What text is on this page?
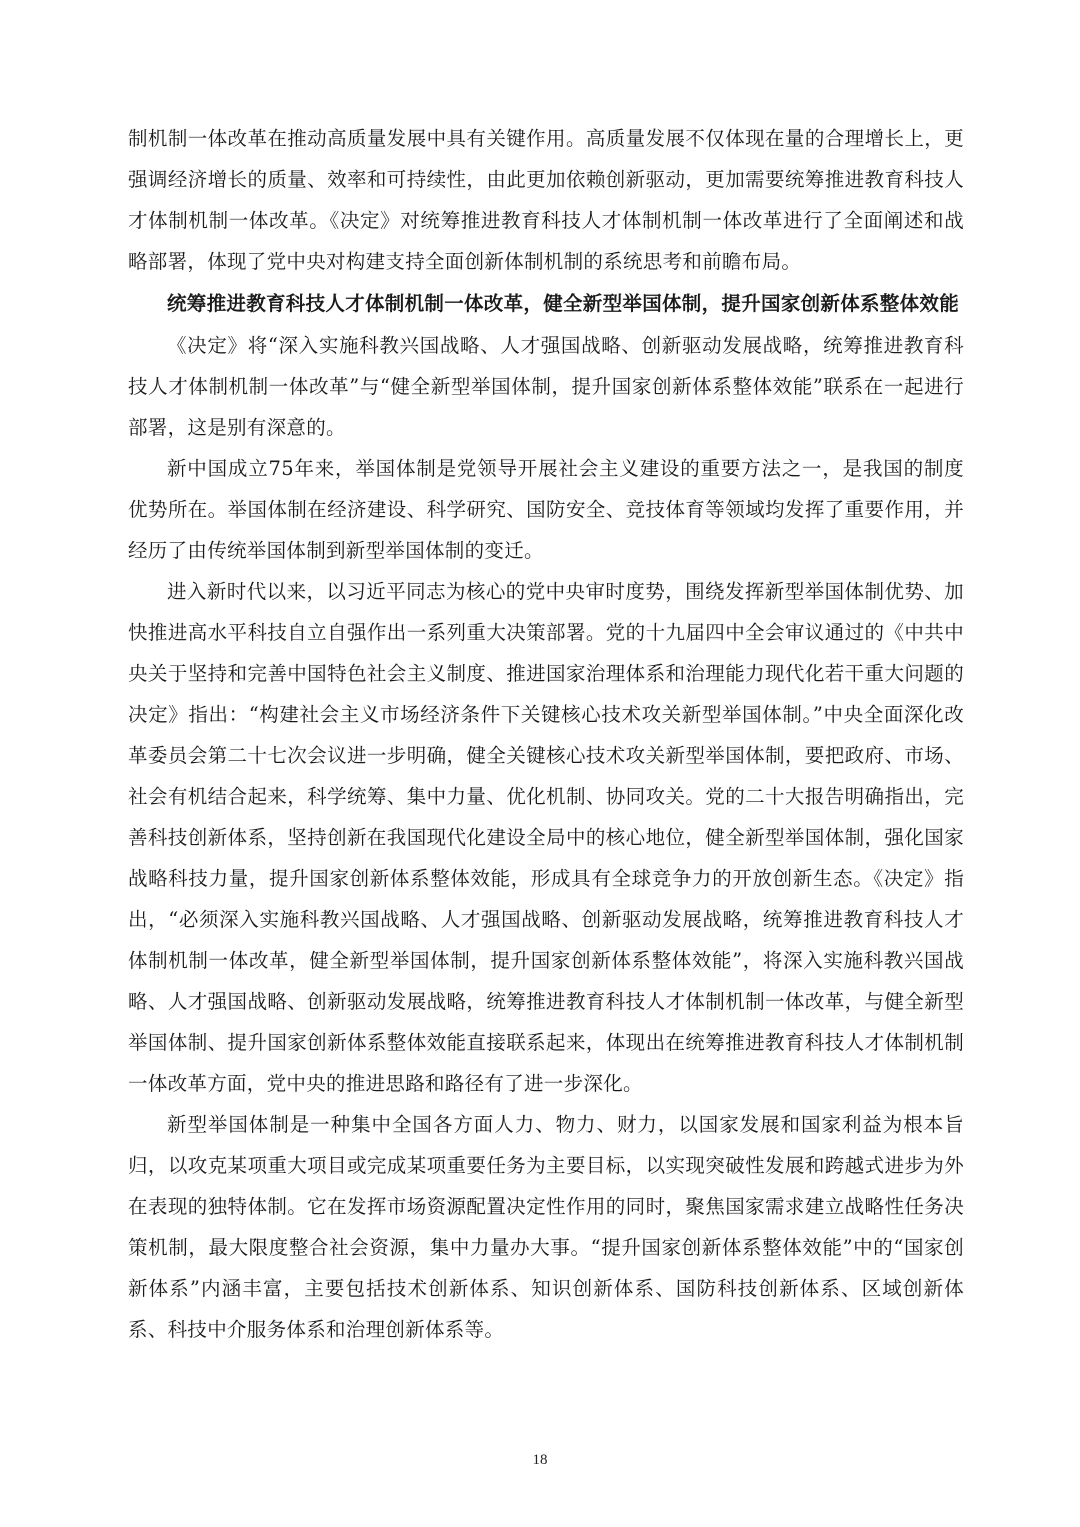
制机制一体改革在推动高质量发展中具有关键作用。高质量发展不仅体现在量的合理增长上，更强调经济增长的质量、效率和可持续性，由此更加依赖创新驱动，更加需要统筹推进教育科技人才体制机制一体改革。《决定》对统筹推进教育科技人才体制机制一体改革进行了全面阐述和战略部署，体现了党中央对构建支持全面创新体制机制的系统思考和前瞻布局。

统筹推进教育科技人才体制机制一体改革，健全新型举国体制，提升国家创新体系整体效能

《决定》将“深入实施科教兴国战略、人才强国战略、创新驱动发展战略，统筹推进教育科技人才体制机制一体改革”与“健全新型举国体制，提升国家创新体系整体效能”联系在一起进行部署，这是别有深意的。

新中国成立75年来，举国体制是党领导开展社会主义建设的重要方法之一，是我国的制度优势所在。举国体制在经济建设、科学研究、国防安全、竞技体育等领域均发挥了重要作用，并经历了由传统举国体制到新型举国体制的变迁。

进入新时代以来，以习近平同志为核心的党中央审时度势，围绕发挥新型举国体制优势、加快推进高水平科技自立自强作出一系列重大决策部署。党的十九届四中全会审议通过的《中共中央关于坚持和完善中国特色社会主义制度、推进国家治理体系和治理能力现代化若干重大问题的决定》指出：“构建社会主义市场经济条件下关键核心技术攻关新型举国体制。”中央全面深化改革委员会第二十七次会议进一步明确，健全关键核心技术攻关新型举国体制，要把政府、市场、社会有机结合起来，科学统筹、集中力量、优化机制、协同攻关。党的二十大报告明确指出，完善科技创新体系，坚持创新在我国现代化建设全局中的核心地位，健全新型举国体制，强化国家战略科技力量，提升国家创新体系整体效能，形成具有全球竞争力的开放创新生态。《决定》指出，“必须深入实施科教兴国战略、人才强国战略、创新驱动发展战略，统筹推进教育科技人才体制机制一体改革，健全新型举国体制，提升国家创新体系整体效能”，将深入实施科教兴国战略、人才强国战略、创新驱动发展战略，统筹推进教育科技人才体制机制一体改革，与健全新型举国体制、提升国家创新体系整体效能直接联系起来，体现出在统筹推进教育科技人才体制机制一体改革方面，党中央的推进思路和路径有了进一步深化。

新型举国体制是一种集中全国各方面人力、物力、财力，以国家发展和国家利益为根本旨归，以攻克某项重大项目或完成某项重要任务为主要目标，以实现突破性发展和跨越式进步为外在表现的独特体制。它在发挥市场资源配置决定性作用的同时，聚焦国家需求建立战略性任务决策机制，最大限度整合社会资源，集中力量办大事。“提升国家创新体系整体效能”中的“国家创新体系”内涵丰富，主要包括技术创新体系、知识创新体系、国防科技创新体系、区域创新体系、科技中介服务体系和治理创新体系等。

18
